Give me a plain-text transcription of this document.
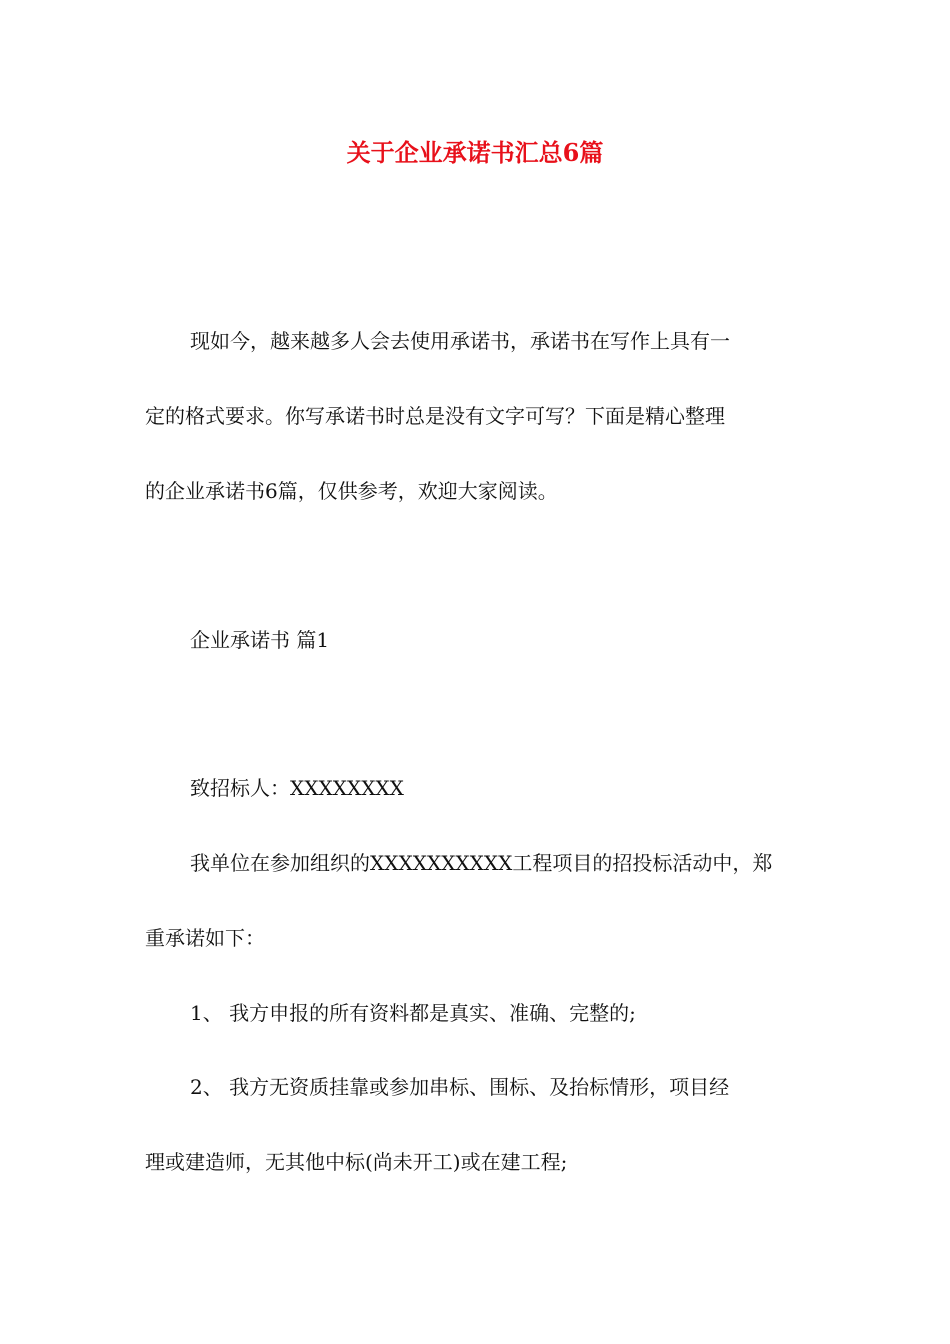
关于企业承诺书汇总6篇
现如今，越来越多人会去使用承诺书，承诺书在写作上具有一
定的格式要求。你写承诺书时总是没有文字可写？下面是精心整理
的企业承诺书6篇，仅供参考，欢迎大家阅读。
企业承诺书 篇1
致招标人：XXXXXXXX
我单位在参加组织的XXXXXXXXXX工程项目的招投标活动中，郑
重承诺如下：
1、 我方申报的所有资料都是真实、准确、完整的;
2、 我方无资质挂靠或参加串标、围标、及抬标情形，项目经
理或建造师，无其他中标(尚未开工)或在建工程;
